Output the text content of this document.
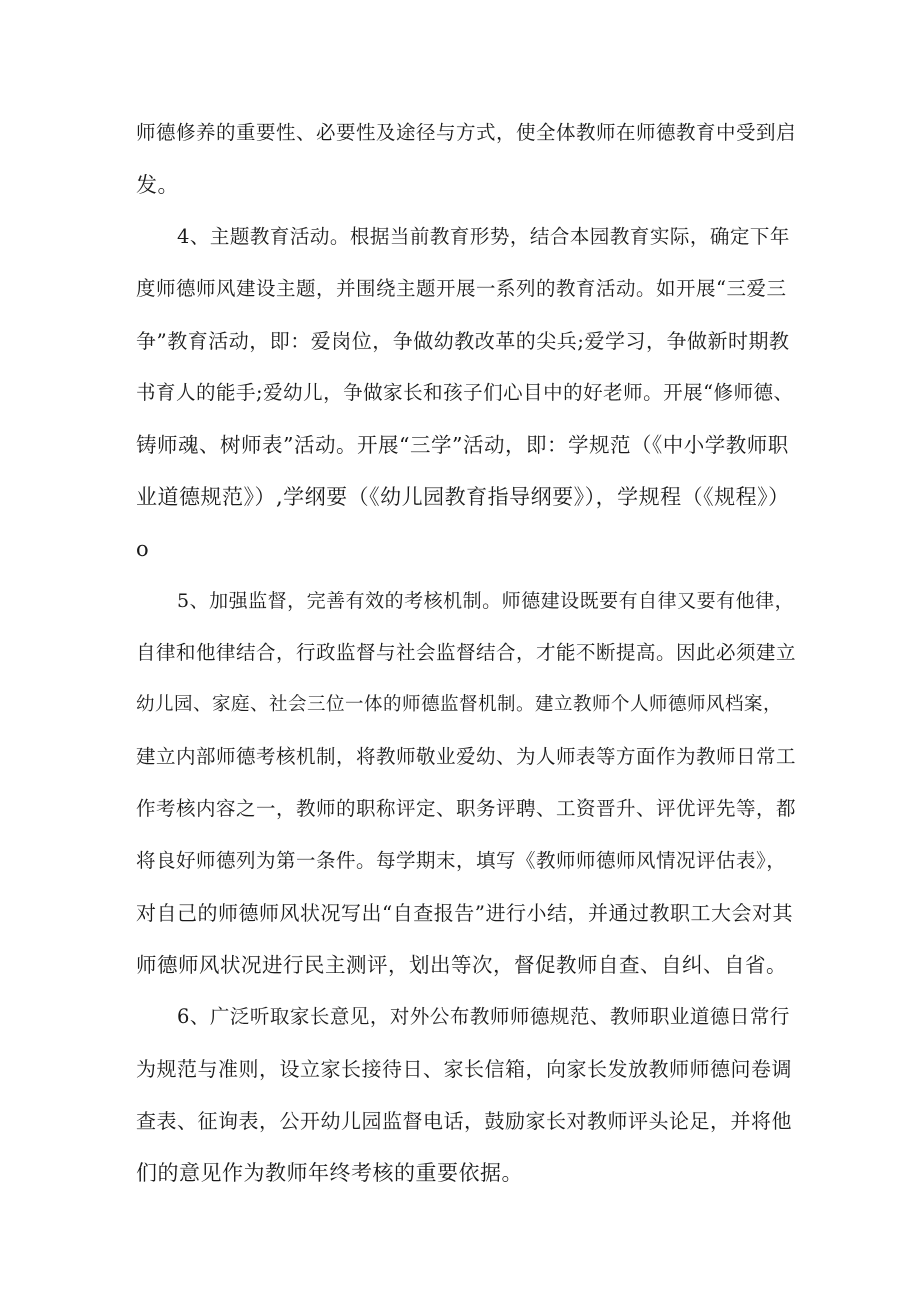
师德修养的重要性、必要性及途径与方式，使全体教师在师德教育中受到启
发。
4、主题教育活动。根据当前教育形势，结合本园教育实际，确定下年
度师德师风建设主题，并围绕主题开展一系列的教育活动。如开展“三爱三
争”教育活动，即：爱岗位，争做幼教改革的尖兵;爱学习，争做新时期教
书育人的能手;爱幼儿，争做家长和孩子们心目中的好老师。开展“修师德、
铸师魂、树师表”活动。开展“三学”活动，即：学规范（《中小学教师职
业道德规范》）,学纲要（《幼儿园教育指导纲要》），学规程（《规程》）
o
5、加强监督，完善有效的考核机制。师德建设既要有自律又要有他律，
自律和他律结合，行政监督与社会监督结合，才能不断提高。因此必须建立
幼儿园、家庭、社会三位一体的师德监督机制。建立教师个人师德师风档案，
建立内部师德考核机制，将教师敬业爱幼、为人师表等方面作为教师日常工
作考核内容之一，教师的职称评定、职务评聘、工资晋升、评优评先等，都
将良好师德列为第一条件。每学期末，填写《教师师德师风情况评估表》，
对自己的师德师风状况写出“自查报告”进行小结，并通过教职工大会对其
师德师风状况进行民主测评，划出等次，督促教师自查、自纠、自省。
6、广泛听取家长意见，对外公布教师师德规范、教师职业道德日常行
为规范与准则，设立家长接待日、家长信箱，向家长发放教师师德问卷调
查表、征询表，公开幼儿园监督电话，鼓励家长对教师评头论足，并将他
们的意见作为教师年终考核的重要依据。
